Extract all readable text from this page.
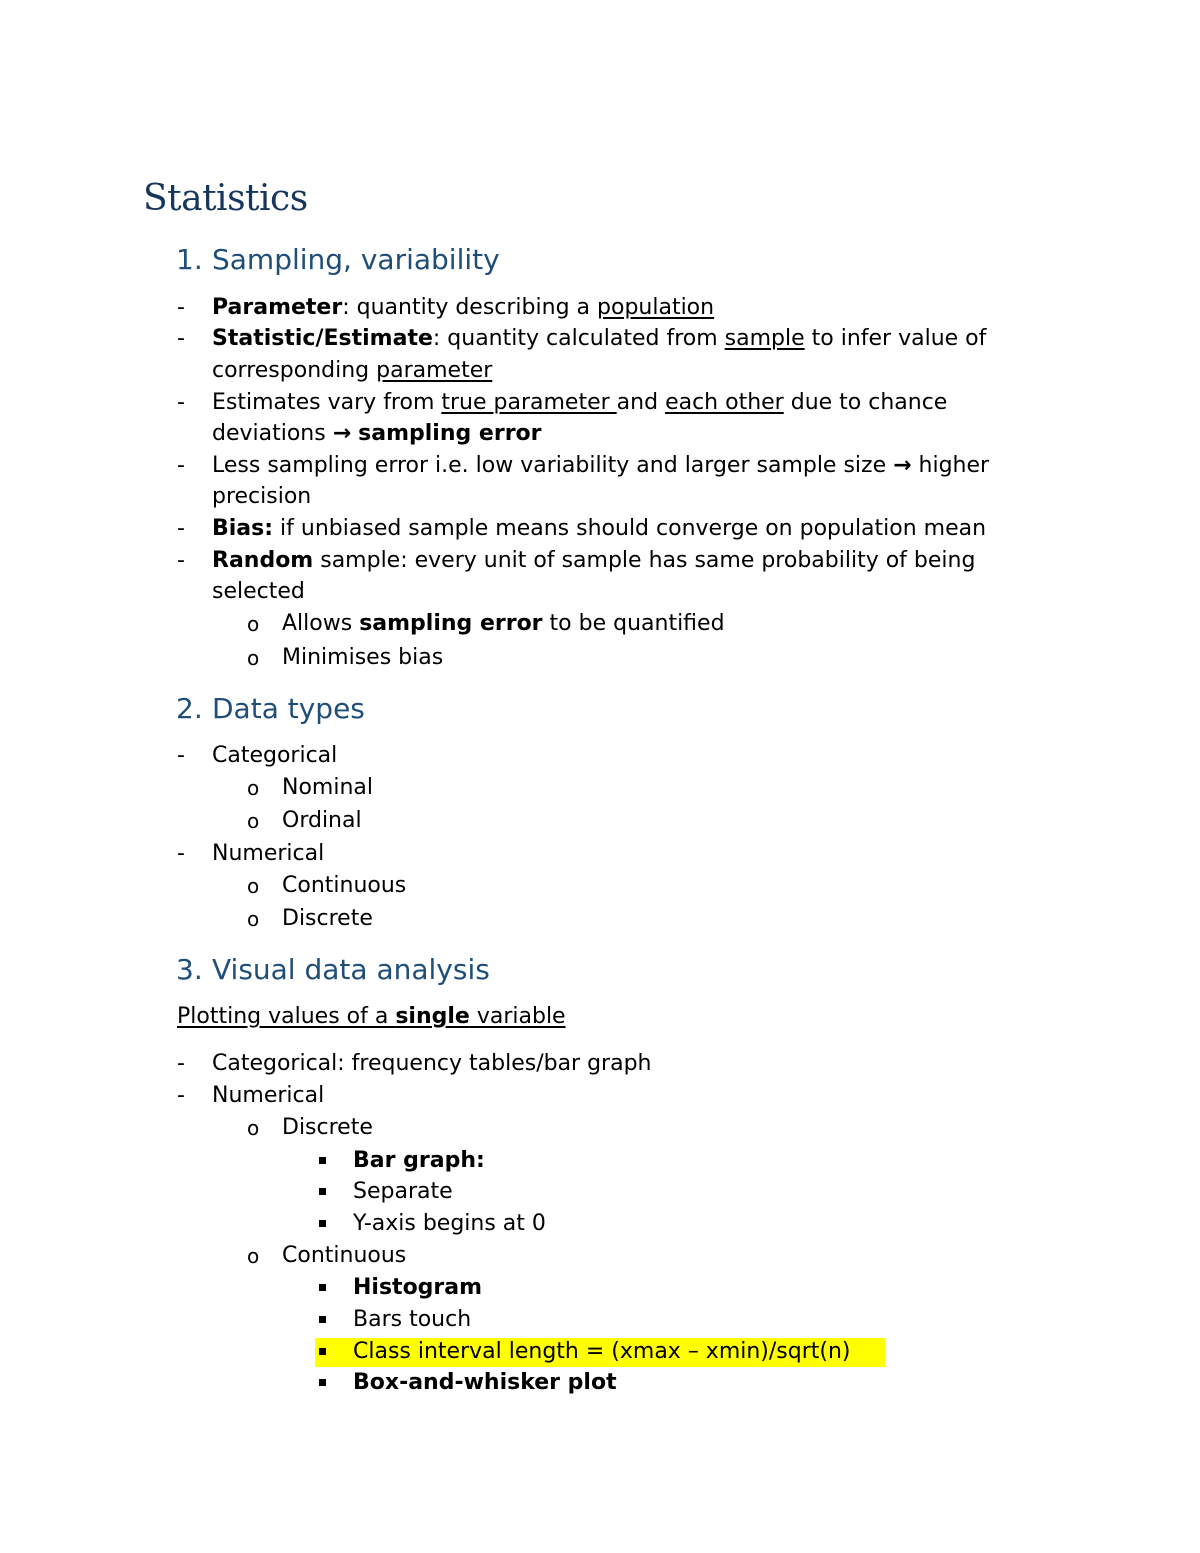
Statistics
1. Sampling, variability
- Parameter: quantity describing a population
- Statistic/Estimate: quantity calculated from sample to infer value of
corresponding parameter
- Estimates vary from true parameter and each other due to chance
deviations → sampling error
- Less sampling error i.e. low variability and larger sample size → higher
precision
- Bias: if unbiased sample means should converge on population mean
- Random sample: every unit of sample has same probability of being
selected
o Allows sampling error to be quantified
o Minimises bias
2. Data types
- Categorical
o Nominal
o Ordinal
- Numerical
o Continuous
o Discrete
3. Visual data analysis
Plotting values of a single variable
- Categorical: frequency tables/bar graph
- Numerical
o Discrete
Bar graph:
Separate
Y-axis begins at 0
o Continuous
Histogram
Bars touch
Class interval length = (xmax – xmin)/sqrt(n)
Box-and-whisker plot
